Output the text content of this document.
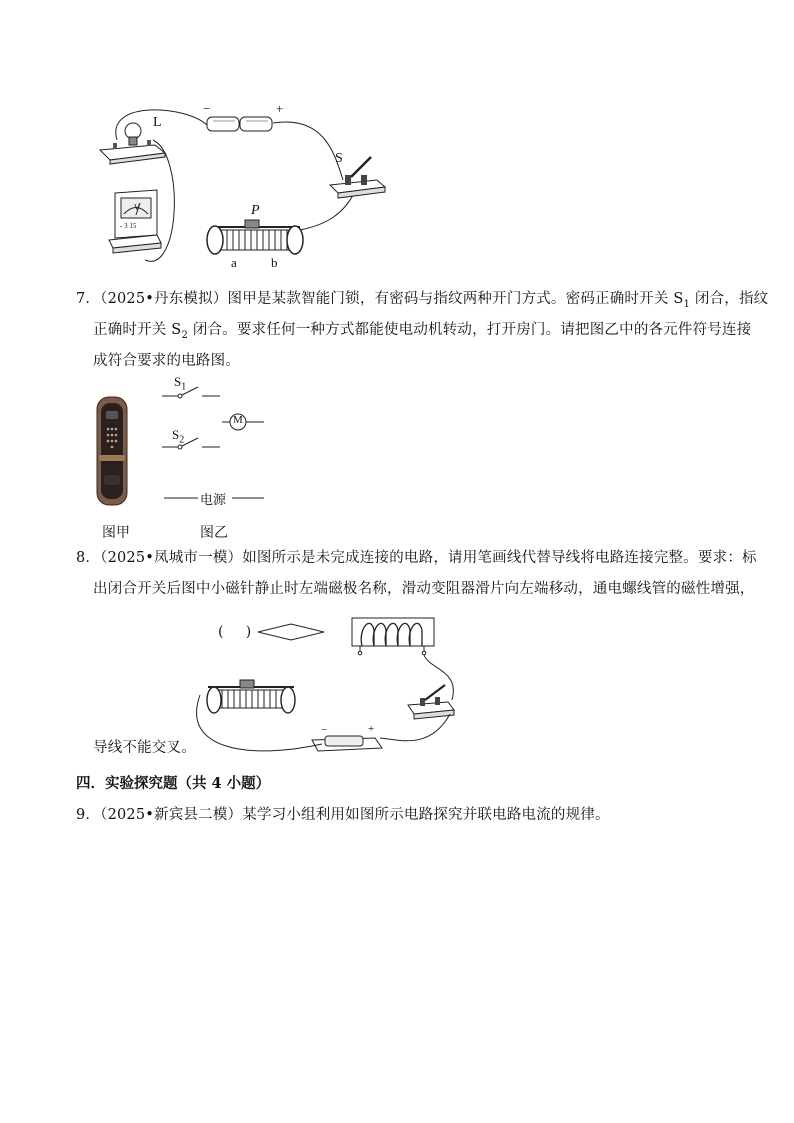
L
−	+
S
P
a	b
V
- 3 15
7．（2025•丹东模拟）图甲是某款智能门锁，有密码与指纹两种开门方式。密码正确时开关 $S_1$ 闭合，指纹
正确时开关 $S_2$ 闭合。要求任何一种方式都能使电动机转动，打开房门。请把图乙中的各元件符号连接
成符合要求的电路图。
$S_1$
M
$S_2$
电源
图甲	图乙
8．（2025•凤城市一模）如图所示是未完成连接的电路，请用笔画线代替导线将电路连接完整。要求：标
出闭合开关后图中小磁针静止时左端磁极名称，滑动变阻器滑片向左端移动，通电螺线管的磁性增强，
(     )
−	+
导线不能交叉。
四．实验探究题（共 4 小题）
9．（2025•新宾县二模）某学习小组利用如图所示电路探究并联电路电流的规律。
